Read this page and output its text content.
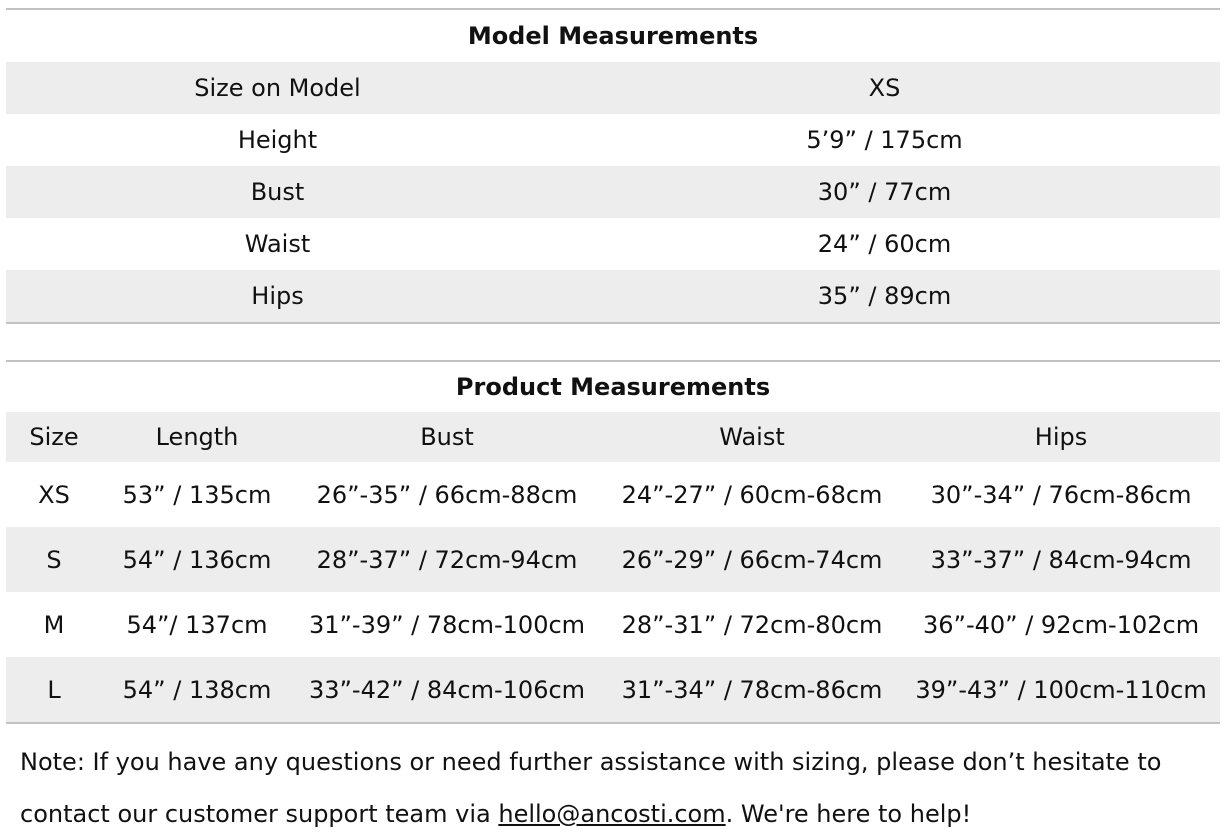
Model Measurements	
Size on Model	XS
Height	5’9” / 175cm
Bust	30” / 77cm
Waist	24” / 60cm
Hips	35” / 89cm
Product Measurements				
Size	Length	Bust	Waist	Hips
XS	53” / 135cm	26”-35” / 66cm-88cm	24”-27” / 60cm-68cm	30”-34” / 76cm-86cm
S	54” / 136cm	28”-37” / 72cm-94cm	26”-29” / 66cm-74cm	33”-37” / 84cm-94cm
M	54”/ 137cm	31”-39” / 78cm-100cm	28”-31” / 72cm-80cm	36”-40” / 92cm-102cm
L	54” / 138cm	33”-42” / 84cm-106cm	31”-34” / 78cm-86cm	39”-43” / 100cm-110cm
Note: If you have any questions or need further assistance with sizing, please don’t hesitate to contact our customer support team via hello@ancosti.com. We're here to help!
